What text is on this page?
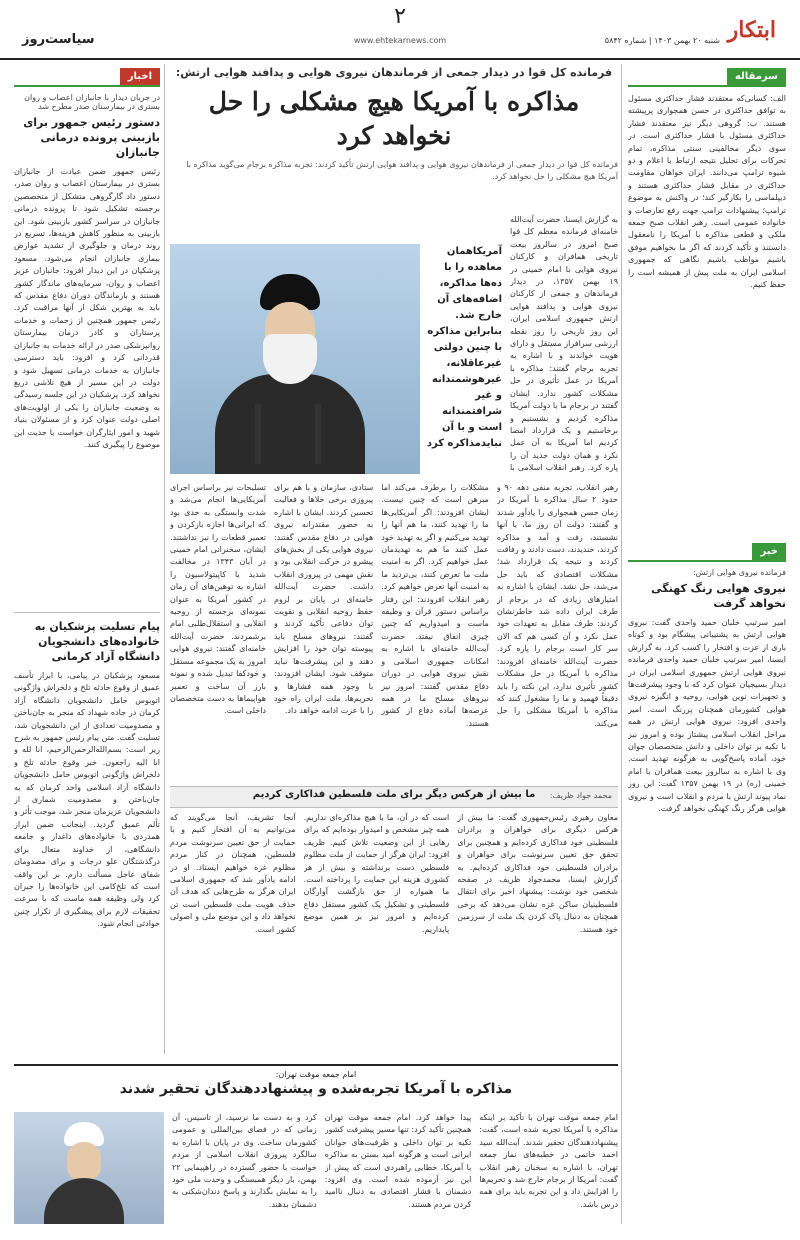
ابتکار
شنبه ۲۰ بهمن ۱۴۰۳ | شماره ۵۸۴۲
۲
www.ehtekarnews.com
سیاست‌روز
سرمقاله

الف: کسانی‌که معتقدند فشار حداکثری مسئول به توافق حداکثری در حسن همجواری پرپیشته هستند. ب: گروهی دیگر نیز معتقدند فشار حداکثری مسئول با فشار حداکثری است. در سوی دیگر مخالفینی سنتی مذاکره، تمام تحرکات برای تحلیل نتیجه ارتباط با اعلام و دو شیوه ترامپ می‌دانند. ایران خواهان مقاومت حداکثری در مقابل فشار حداکثری هستند و دیپلماسی را بکارگیر کند؛ در واکنش به موضوع ترامپ؛ پیشنهادات ترامپ جهت رفع تعارضات و خانواده عمومی است. رهبر انقلاب صبح جمعه ملکی و قطعی مذاکره با آمریکا را نامعقول دانستند و تأکید کردند که اگر ما بخواهیم موفق باشیم مواظب باشیم نگاهی که جمهوری اسلامی ایران به ملت پیش از همیشه است را حفظ کنیم.

خبر
فرمانده نیروی هوایی ارتش:
نیروی هوایی رنگ کهنگی نخواهد گرفت

امیر سرتیپ خلبان حمید واحدی گفت: نیروی هوایی ارتش به پشتیبانی پیشگام بود و کوتاه باری از عزت و افتخار را کسب کرد. به گزارش ایسنا، امیر سرتیپ خلبان حمید واحدی فرمانده نیروی هوایی ارتش جمهوری اسلامی ایران در دیدار بسیجیان عنوان کرد که با وجود پیشرفت‌ها و تجهیزات نوین هوایی، روحیه و انگیزه نیروی هوایی کشورمان همچنان پررنگ است. امیر واحدی افزود: نیروی هوایی ارتش در همه مراحل انقلاب اسلامی پیشتاز بوده و امروز نیز با تکیه بر توان داخلی و دانش متخصصان جوان خود، آماده پاسخ‌گویی به هرگونه تهدید است. وی با اشاره به سالروز بیعت همافران با امام خمینی (ره) در ۱۹ بهمن ۱۳۵۷ گفت: این روز نماد پیوند ارتش با مردم و انقلاب است و نیروی هوایی هرگز رنگ کهنگی نخواهد گرفت.

اخبار
در جریان دیدار با جانبازان اعصاب و روان بستری در بیمارستان صدر مطرح شد
دستور رئیس جمهور برای بازبینی پرونده درمانی جانبازان

رئیس جمهور ضمن عیادت از جانبازان بستری در بیمارستان اعصاب و روان صدر، دستور داد گارگروهی متشکل از متخصصین برجسته تشکیل شود تا پرونده درمانی جانبازان در سراسر کشور بازبینی شود. این بازبینی به منظور کاهش هزینه‌ها، تسریع در روند درمان و جلوگیری از تشدید عوارض بیماری جانبازان انجام می‌شود. مسعود پزشکیان در این دیدار افزود: جانبازان عزیز اعصاب و روان، سرمایه‌های ماندگار کشور هستند و بازماندگان دوران دفاع مقدس که باید به بهترین شکل از آنها مراقبت کرد. رئیس جمهور همچنین از زحمات و خدمات پرستاران و کادر درمان بیمارستان روانپزشکی صدر در ارائه خدمات به جانبازان قدردانی کرد و افزود: باید دسترسی جانبازان به خدمات درمانی تسهیل شود و دولت در این مسیر از هیچ تلاشی دریغ نخواهد کرد. پزشکیان در این جلسه رسیدگی به وضعیت جانبازان را یکی از اولویت‌های اصلی دولت عنوان کرد و از مسئولان بنیاد شهید و امور ایثارگران خواست با جدیت این موضوع را پیگیری کنند.

پیام تسلیت پزشکیان به خانواده‌های دانشجویان دانشگاه آزاد کرمانی

مسعود پزشکیان در پیامی، با ابراز تأسف عمیق از وقوع حادثه تلخ و دلخراش واژگونی اتوبوس حامل دانشجویان دانشگاه آزاد کرمان در جاده شهداد که منجر به جان‌باختن و مصدومیت تعدادی از این دانشجویان شد، تسلیت گفت. متن پیام رئیس جمهور به شرح زیر است: بسم‌الله‌الرحمن‌الرحیم، انا لله و انا الیه راجعون. خبر وقوع حادثه تلخ و دلخراش واژگونی اتوبوس حامل دانشجویان دانشگاه آزاد اسلامی واحد کرمان که به جان‌باختن و مصدومیت شماری از دانشجویان عزیزمان منجر شد، موجب تأثر و تألم عمیق گردید. اینجانب ضمن ابراز همدردی با خانواده‌های داغدار و جامعه دانشگاهی، از خداوند متعال برای درگذشتگان علو درجات و برای مصدومان شفای عاجل مسألت دارم. بر این واقف است که تلخ‌کامی این خانواده‌ها را جبران کرد ولی وظیفه همه ماست که با سرعت تحقیقات لازم برای پیشگیری از تکرار چنین حوادثی انجام شود.

فرمانده کل قوا در دیدار جمعی از فرماندهان نیروی هوایی و پدافند هوایی ارتش:
مذاکره با آمریکا هیچ مشکلی را حل نخواهد کرد

فرمانده کل قوا در دیدار جمعی از فرماندهان نیروی هوایی و پدافند هوایی ارتش تأکید کردند: تجربه مذاکره برجام می‌گوید مذاکره با آمریکا هیچ مشکلی را حل نخواهد کرد.

آمریکاهمان معاهده را با ده‌ها مذاکره، اضافه‌های آن خارج شد. بنابراین مذاکره با چنین دولتی غیرعاقلانه، غیرهوشمندانه و غیر شرافتمندانه است و با آن نبایدمذاکره کرد

به گزارش ایسنا، حضرت آیت‌الله خامنه‌ای فرمانده معظم کل قوا صبح امروز در سالروز بیعت تاریخی همافران و کارکنان نیروی هوایی با امام خمینی در ۱۹ بهمن ۱۳۵۷، در دیدار فرماندهان و جمعی از کارکنان نیروی هوایی و پدافند هوایی ارتش جمهوری اسلامی ایران، این روز تاریخی را روز نقطه ارزشی سرافراز مستقل و دارای هویت خواندند و با اشاره به تجربه برجام گفتند: مذاکره با آمریکا در عمل تأثیری در حل مشکلات کشور ندارد. ایشان گفتند در برجام ما با دولت آمریکا مذاکره کردیم و نشستیم و برخاستیم و یک قرارداد امضا کردیم اما آمریکا به آن عمل نکرد و همان دولت جدید آن را پاره کرد. رهبر انقلاب اسلامی با

رهبر انقلاب، تجربه منفی دهه ۹۰ و حدود ۲ سال مذاکره با آمریکا در زمان حسن همجواری را یادآور شدند و گفتند: دولت آن روز ما، با آنها نشستند، رفت و آمد و مذاکره کردند، خندیدند، دست دادند و رفاقت کردند و نتیجه یک قرارداد شد؛ مشکلات اقتصادی که باید حل می‌شد، حل نشد. ایشان با اشاره به امتیازهای زیادی که در برجام از طرف ایران داده شد خاطرنشان کردند: طرف مقابل به تعهدات خود عمل نکرد و آن کسی هم که الان سر کار است برجام را پاره کرد. حضرت آیت‌الله خامنه‌ای افزودند: مذاکره با آمریکا در حل مشکلات کشور تأثیری ندارد، این نکته را باید دقیقاً فهمید و ما را مشغول کنند که مذاکره با آمریکا مشکلی را حل می‌کند.

مشکلات را برطرف می‌کند اما مبرهن است که چنین نیست. ایشان افزودند: اگر آمریکایی‌ها ما را تهدید کنند، ما هم آنها را تهدید می‌کنیم و اگر به تهدید خود عمل کنند ما هم به تهدیدمان عمل خواهیم کرد. اگر به امنیت ملت ما تعرض کنند، بی‌تردید ما به امنیت آنها تعرض خواهیم کرد. رهبر انقلاب افزودند: این رفتار براساس دستور قرآن و وظیفه ماست و امیدواریم که چنین چیزی اتفاق نیفتد. حضرت آیت‌الله خامنه‌ای با اشاره به امکانات جمهوری اسلامی و نقش نیروی هوایی در دوران دفاع مقدس گفتند: امروز نیز نیروهای مسلح ما در همه عرصه‌ها آماده دفاع از کشور هستند.

ستادی، سازمان و با هم برای پیروزی برخی خلاها و فعالیت تحسین کردند. ایشان با اشاره به حضور مقتدرانه نیروی هوایی در دفاع مقدس گفتند: نیروی هوایی یکی از بخش‌های پیشرو در حرکت انقلابی بود و نقش مهمی در پیروزی انقلاب داشت. حضرت آیت‌الله خامنه‌ای در پایان بر لزوم حفظ روحیه انقلابی و تقویت توان دفاعی تأکید کردند و گفتند: نیروهای مسلح باید پیوسته توان خود را افزایش دهند و این پیشرفت‌ها نباید متوقف شود. ایشان افزودند: با وجود همه فشارها و تحریم‌ها، ملت ایران راه خود را با عزت ادامه خواهد داد.

تسلیحات نیز براساس اجرای آمریکایی‌ها انجام می‌شد و شدت وابستگی به حدی بود که ایرانی‌ها اجازه بازکردن و تعمیر قطعات را نیز نداشتند. ایشان، سخنرانی امام خمینی در آبان ۱۳۴۳ در مخالفت شدید با کاپیتولاسیون را اشاره به توهین‌های آن زمان در کشور آمریکا به عنوان نمونه‌ای برجسته از روحیه انقلابی و استقلال‌طلبی امام برشمردند. حضرت آیت‌الله خامنه‌ای گفتند: نیروی هوایی امروز به یک مجموعه مستقل و خودکفا تبدیل شده و نمونه بارز آن ساخت و تعمیر هواپیماها به دست متخصصان داخلی است.

محمد جواد ظریف:
ما بیش از هرکس دیگر برای ملت فلسطین فداکاری کردیم

معاون رهبری رئیس‌جمهوری گفت: ما بیش از هرکس دیگری برای خواهران و برادران فلسطینی خود فداکاری کرده‌ایم و همچنین برای تحقق حق تعیین سرنوشت برای خواهران و برادران فلسطینی خود فداکاری کرده‌ایم. به گزارش ایسنا، محمدجواد ظریف در صفحه شخصی خود نوشت: پیشنهاد اخیر برای انتقال فلسطینیان ساکن غزه نشان می‌دهد که برخی همچنان به دنبال پاک کردن یک ملت از سرزمین خود هستند.

است که در آن، ما با هیچ مذاکره‌ای نداریم. همه چیز مشخص و امیدوار بوده‌ایم که برای رهایی از این وضعیت تلاش کنیم. ظریف افزود: ایران هرگز از حمایت از ملت مظلوم فلسطین دست برنداشته و بیش از هر کشوری هزینه این حمایت را پرداخته است. ما همواره از حق بازگشت آوارگان فلسطینی و تشکیل یک کشور مستقل دفاع کرده‌ایم و امروز نیز بر همین موضع پایداریم.

آنجا تشریف، آنجا می‌گویند که می‌توانیم به آن افتخار کنیم و با حمایت از حق تعیین سرنوشت مردم فلسطین، همچنان در کنار مردم مظلوم غزه خواهیم ایستاد. او در ادامه یادآور شد که جمهوری اسلامی ایران هرگز به طرح‌هایی که هدف آن حذف هویت ملت فلسطین است تن نخواهد داد و این موضع ملی و اصولی کشور است.

امام جمعه موقت تهران:
مذاکره با آمریکا تجربه‌شده و پیشنهاددهندگان تحقیر شدند

امام جمعه موقت تهران با تأکید بر اینکه مذاکره با آمریکا تجربه شده است، گفت: پیشنهاددهندگان تحقیر شدند. آیت‌الله سید احمد خاتمی در خطبه‌های نماز جمعه تهران، با اشاره به سخنان رهبر انقلاب گفت: آمریکا از برجام خارج شد و تحریم‌ها را افزایش داد و این تجربه باید برای همه درس باشد.

پیدا خواهد کرد. امام جمعه موقت تهران همچنین تأکید کرد: تنها مسیر پیشرفت کشور تکیه بر توان داخلی و ظرفیت‌های جوانان ایرانی است و هرگونه امید بستن به مذاکره با آمریکا، خطایی راهبردی است که پیش از این نیز آزموده شده است. وی افزود: دشمنان با فشار اقتصادی به دنبال ناامید کردن مردم هستند.

کرد و به دست ما نرسید، از تاسیس، آن زمانی که در فضای بین‌المللی و عمومی کشورمان ساخت. وی در پایان با اشاره به سالگرد پیروزی انقلاب اسلامی از مردم خواست با حضور گسترده در راهپیمایی ۲۲ بهمن، بار دیگر همبستگی و وحدت ملی خود را به نمایش بگذارند و پاسخ دندان‌شکنی به دشمنان بدهند.
